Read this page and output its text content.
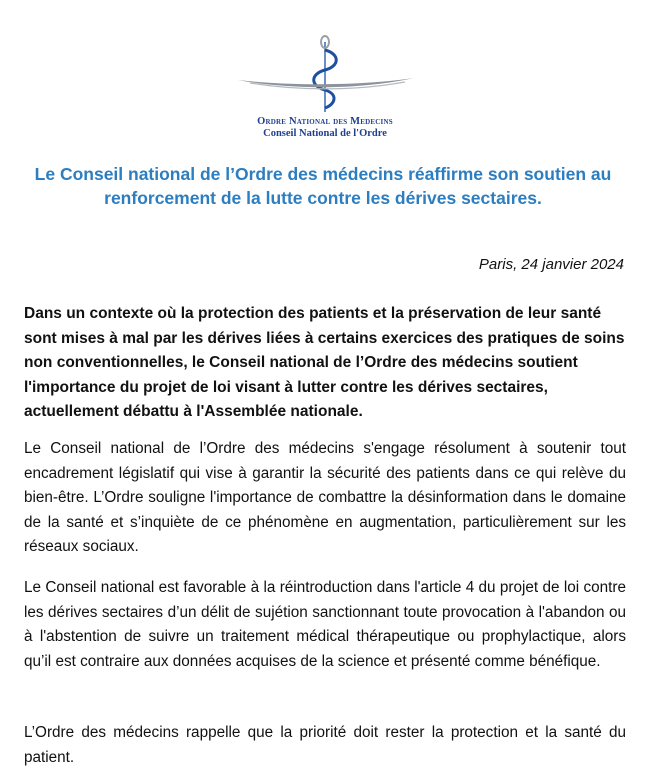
Ordre National des Medecins
Conseil National de l'Ordre
Le Conseil national de l’Ordre des médecins réaffirme son soutien au renforcement de la lutte contre les dérives sectaires.
Paris, 24 janvier 2024
Dans un contexte où la protection des patients et la préservation de leur santé sont mises à mal par les dérives liées à certains exercices des pratiques de soins non conventionnelles, le Conseil national de l’Ordre des médecins soutient l'importance du projet de loi visant à lutter contre les dérives sectaires, actuellement débattu à l'Assemblée nationale.
Le Conseil national de l’Ordre des médecins s'engage résolument à soutenir tout encadrement législatif qui vise à garantir la sécurité des patients dans ce qui relève du bien-être. L’Ordre souligne l'importance de combattre la désinformation dans le domaine de la santé et s’inquiète de ce phénomène en augmentation, particulièrement sur les réseaux sociaux.
Le Conseil national est favorable à la réintroduction dans l'article 4 du projet de loi contre les dérives sectaires d’un délit de sujétion sanctionnant toute provocation à l'abandon ou à l'abstention de suivre un traitement médical thérapeutique ou prophylactique, alors qu’il est contraire aux données acquises de la science et présenté comme bénéfique.
L’Ordre des médecins rappelle que la priorité doit rester la protection et la santé du patient.
